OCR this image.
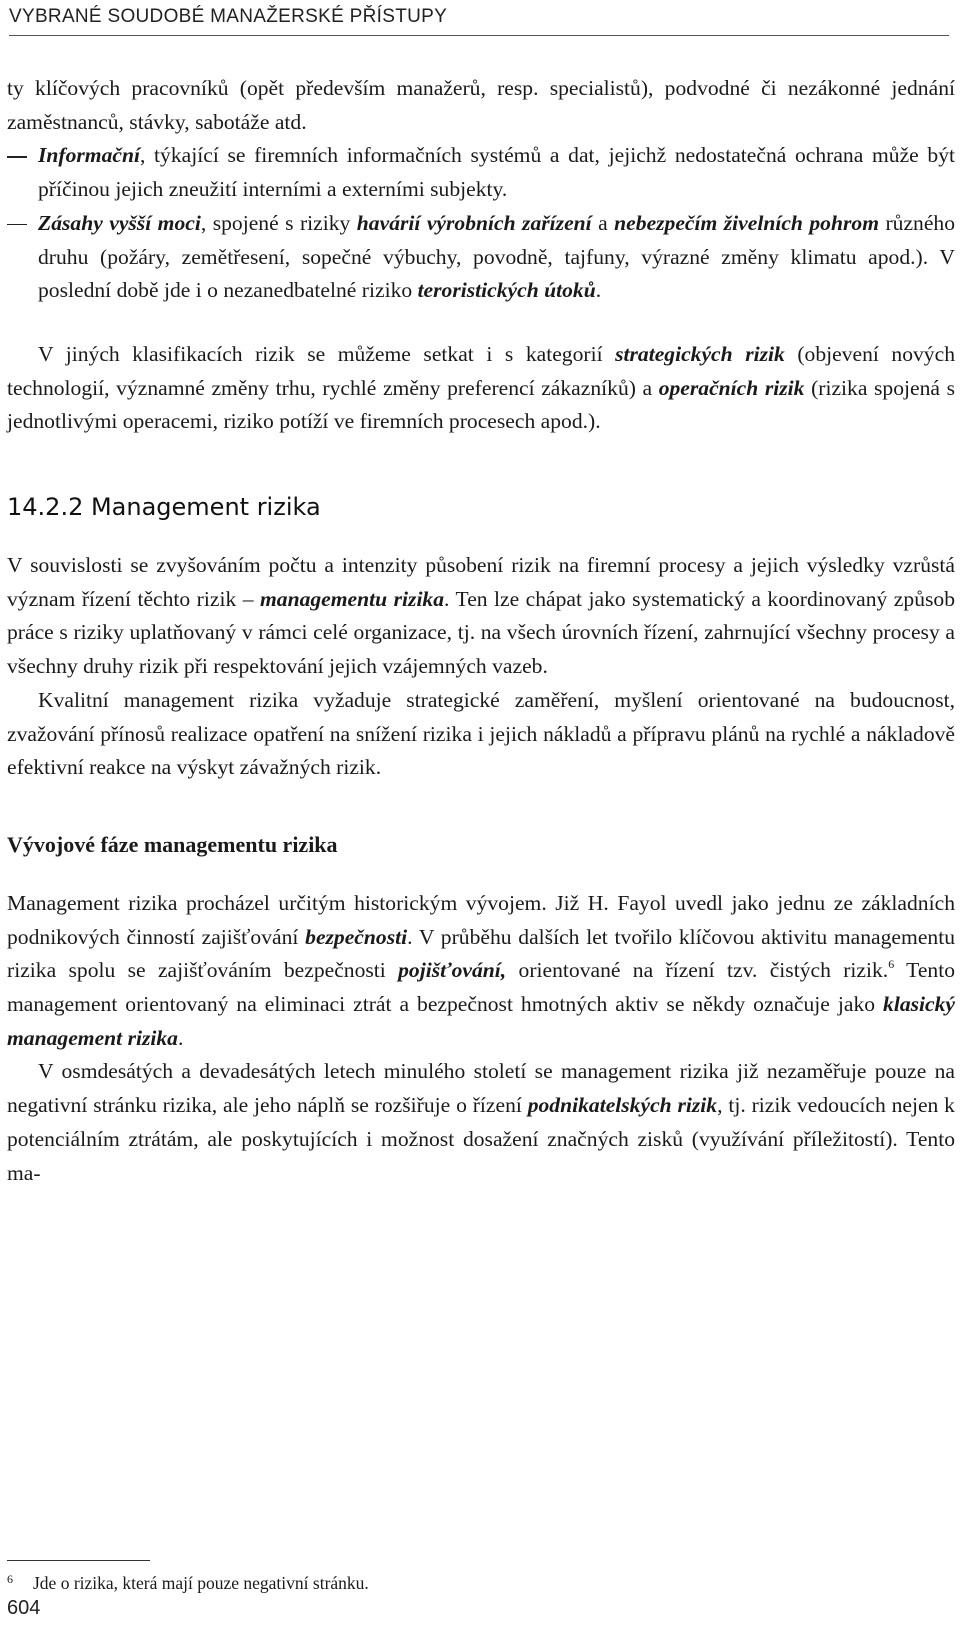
VYBRANÉ SOUDOBÉ MANAŽERSKÉ PŘÍSTUPY

ty klíčových pracovníků (opět především manažerů, resp. specialistů), podvodné či nezákonné jednání zaměstnanců, stávky, sabotáže atd.

Informační, týkající se firemních informačních systémů a dat, jejichž nedostatečná ochrana může být příčinou jejich zneužití interními a externími subjekty.

Zásahy vyšší moci, spojené s riziky havárií výrobních zařízení a nebezpečím živelních pohrom různého druhu (požáry, zemětřesení, sopečné výbuchy, povodně, tajfuny, výrazné změny klimatu apod.). V poslední době jde i o nezanedbatelné riziko teroristických útoků.

V jiných klasifikacích rizik se můžeme setkat i s kategorií strategických rizik (objevení nových technologií, významné změny trhu, rychlé změny preferencí zákazníků) a operačních rizik (rizika spojená s jednotlivými operacemi, riziko potíží ve firemních procesech apod.).

14.2.2 Management rizika

V souvislosti se zvyšováním počtu a intenzity působení rizik na firemní procesy a jejich výsledky vzrůstá význam řízení těchto rizik – managementu rizika. Ten lze chápat jako systematický a koordinovaný způsob práce s riziky uplatňovaný v rámci celé organizace, tj. na všech úrovních řízení, zahrnující všechny procesy a všechny druhy rizik při respektování jejich vzájemných vazeb.

Kvalitní management rizika vyžaduje strategické zaměření, myšlení orientované na budoucnost, zvažování přínosů realizace opatření na snížení rizika i jejich nákladů a přípravu plánů na rychlé a nákladově efektivní reakce na výskyt závažných rizik.

Vývojové fáze managementu rizika

Management rizika procházel určitým historickým vývojem. Již H. Fayol uvedl jako jednu ze základních podnikových činností zajišťování bezpečnosti. V průběhu dalších let tvořilo klíčovou aktivitu managementu rizika spolu se zajišťováním bezpečnosti pojišťování, orientované na řízení tzv. čistých rizik.$^6$ Tento management orientovaný na eliminaci ztrát a bezpečnost hmotných aktiv se někdy označuje jako klasický management rizika.

V osmdesátých a devadesátých letech minulého století se management rizika již nezaměřuje pouze na negativní stránku rizika, ale jeho náplň se rozšiřuje o řízení podnikatelských rizik, tj. rizik vedoucích nejen k potenciálním ztrátám, ale poskytujících i možnost dosažení značných zisků (využívání příležitostí). Tento ma-

6 Jde o rizika, která mají pouze negativní stránku.
604
